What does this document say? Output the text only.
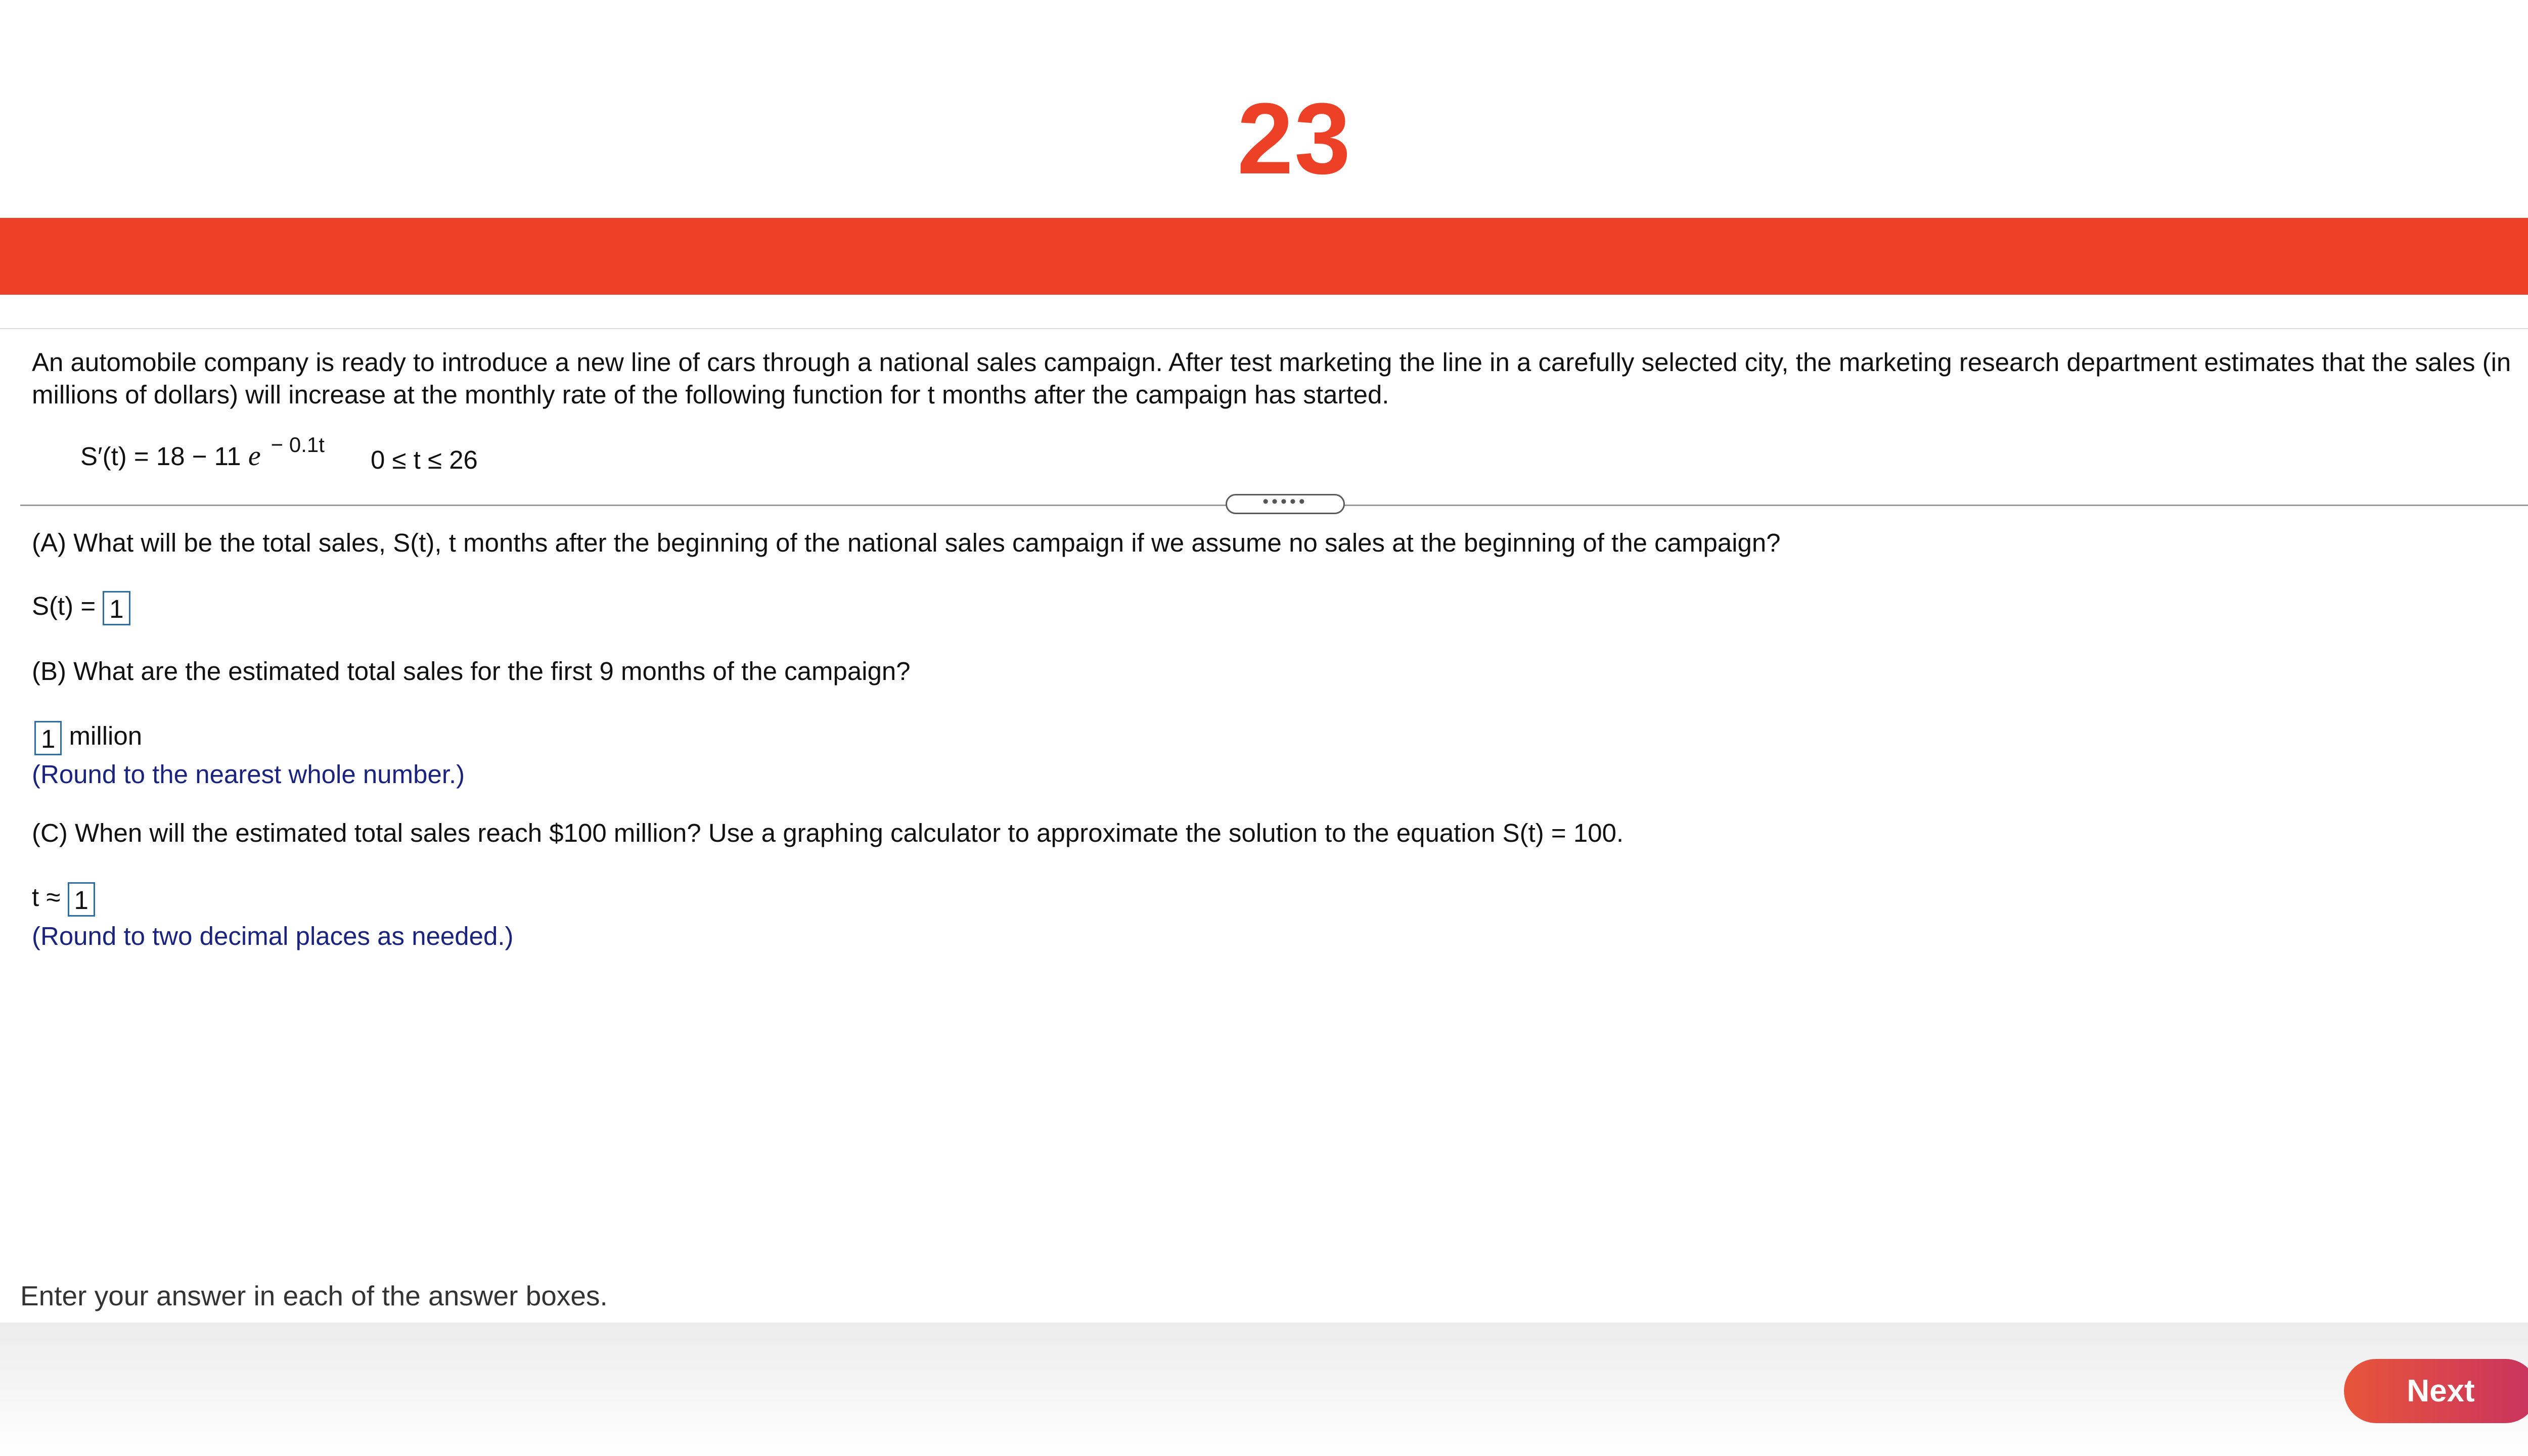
23
An automobile company is ready to introduce a new line of cars through a national sales campaign. After test marketing the line in a carefully selected city, the marketing research department estimates that the sales (in millions of dollars) will increase at the monthly rate of the following function for t months after the campaign has started.
S′(t) = 18 − 11 e $^{- 0.1t}$
0 ≤ t ≤ 26
•••••
(A) What will be the total sales, S(t), t months after the beginning of the national sales campaign if we assume no sales at the beginning of the campaign?
S(t) = 1
(B) What are the estimated total sales for the first 9 months of the campaign?
1 million
(Round to the nearest whole number.)
(C) When will the estimated total sales reach $100 million? Use a graphing calculator to approximate the solution to the equation S(t) = 100.
t ≈ 1
(Round to two decimal places as needed.)
Enter your answer in each of the answer boxes.
Next
